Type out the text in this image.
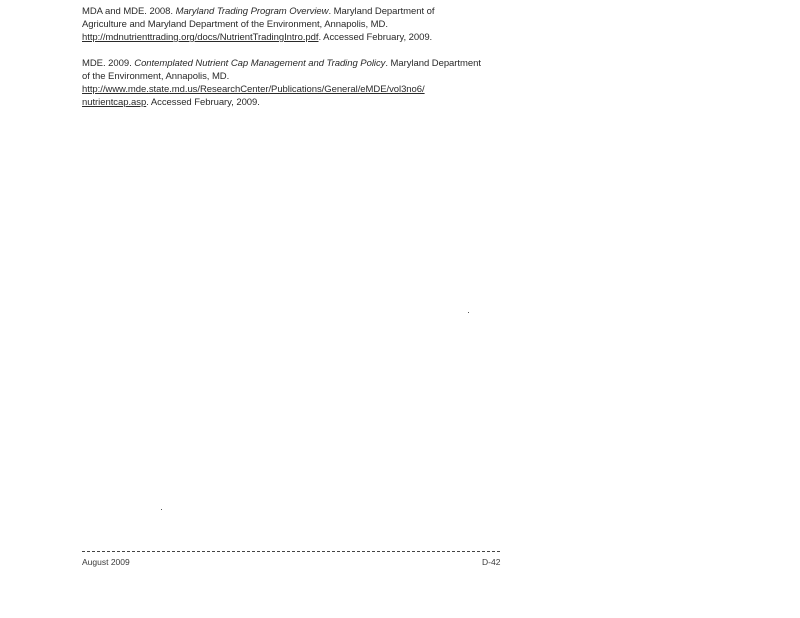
MDA and MDE. 2008. Maryland Trading Program Overview. Maryland Department of
Agriculture and Maryland Department of the Environment, Annapolis, MD.
http://mdnutrienttrading.org/docs/NutrientTradingIntro.pdf. Accessed February, 2009.
MDE. 2009. Contemplated Nutrient Cap Management and Trading Policy. Maryland Department
of the Environment, Annapolis, MD.
http://www.mde.state.md.us/ResearchCenter/Publications/General/eMDE/vol3no6/
nutrientcap.asp. Accessed February, 2009.
August 2009	D-42
